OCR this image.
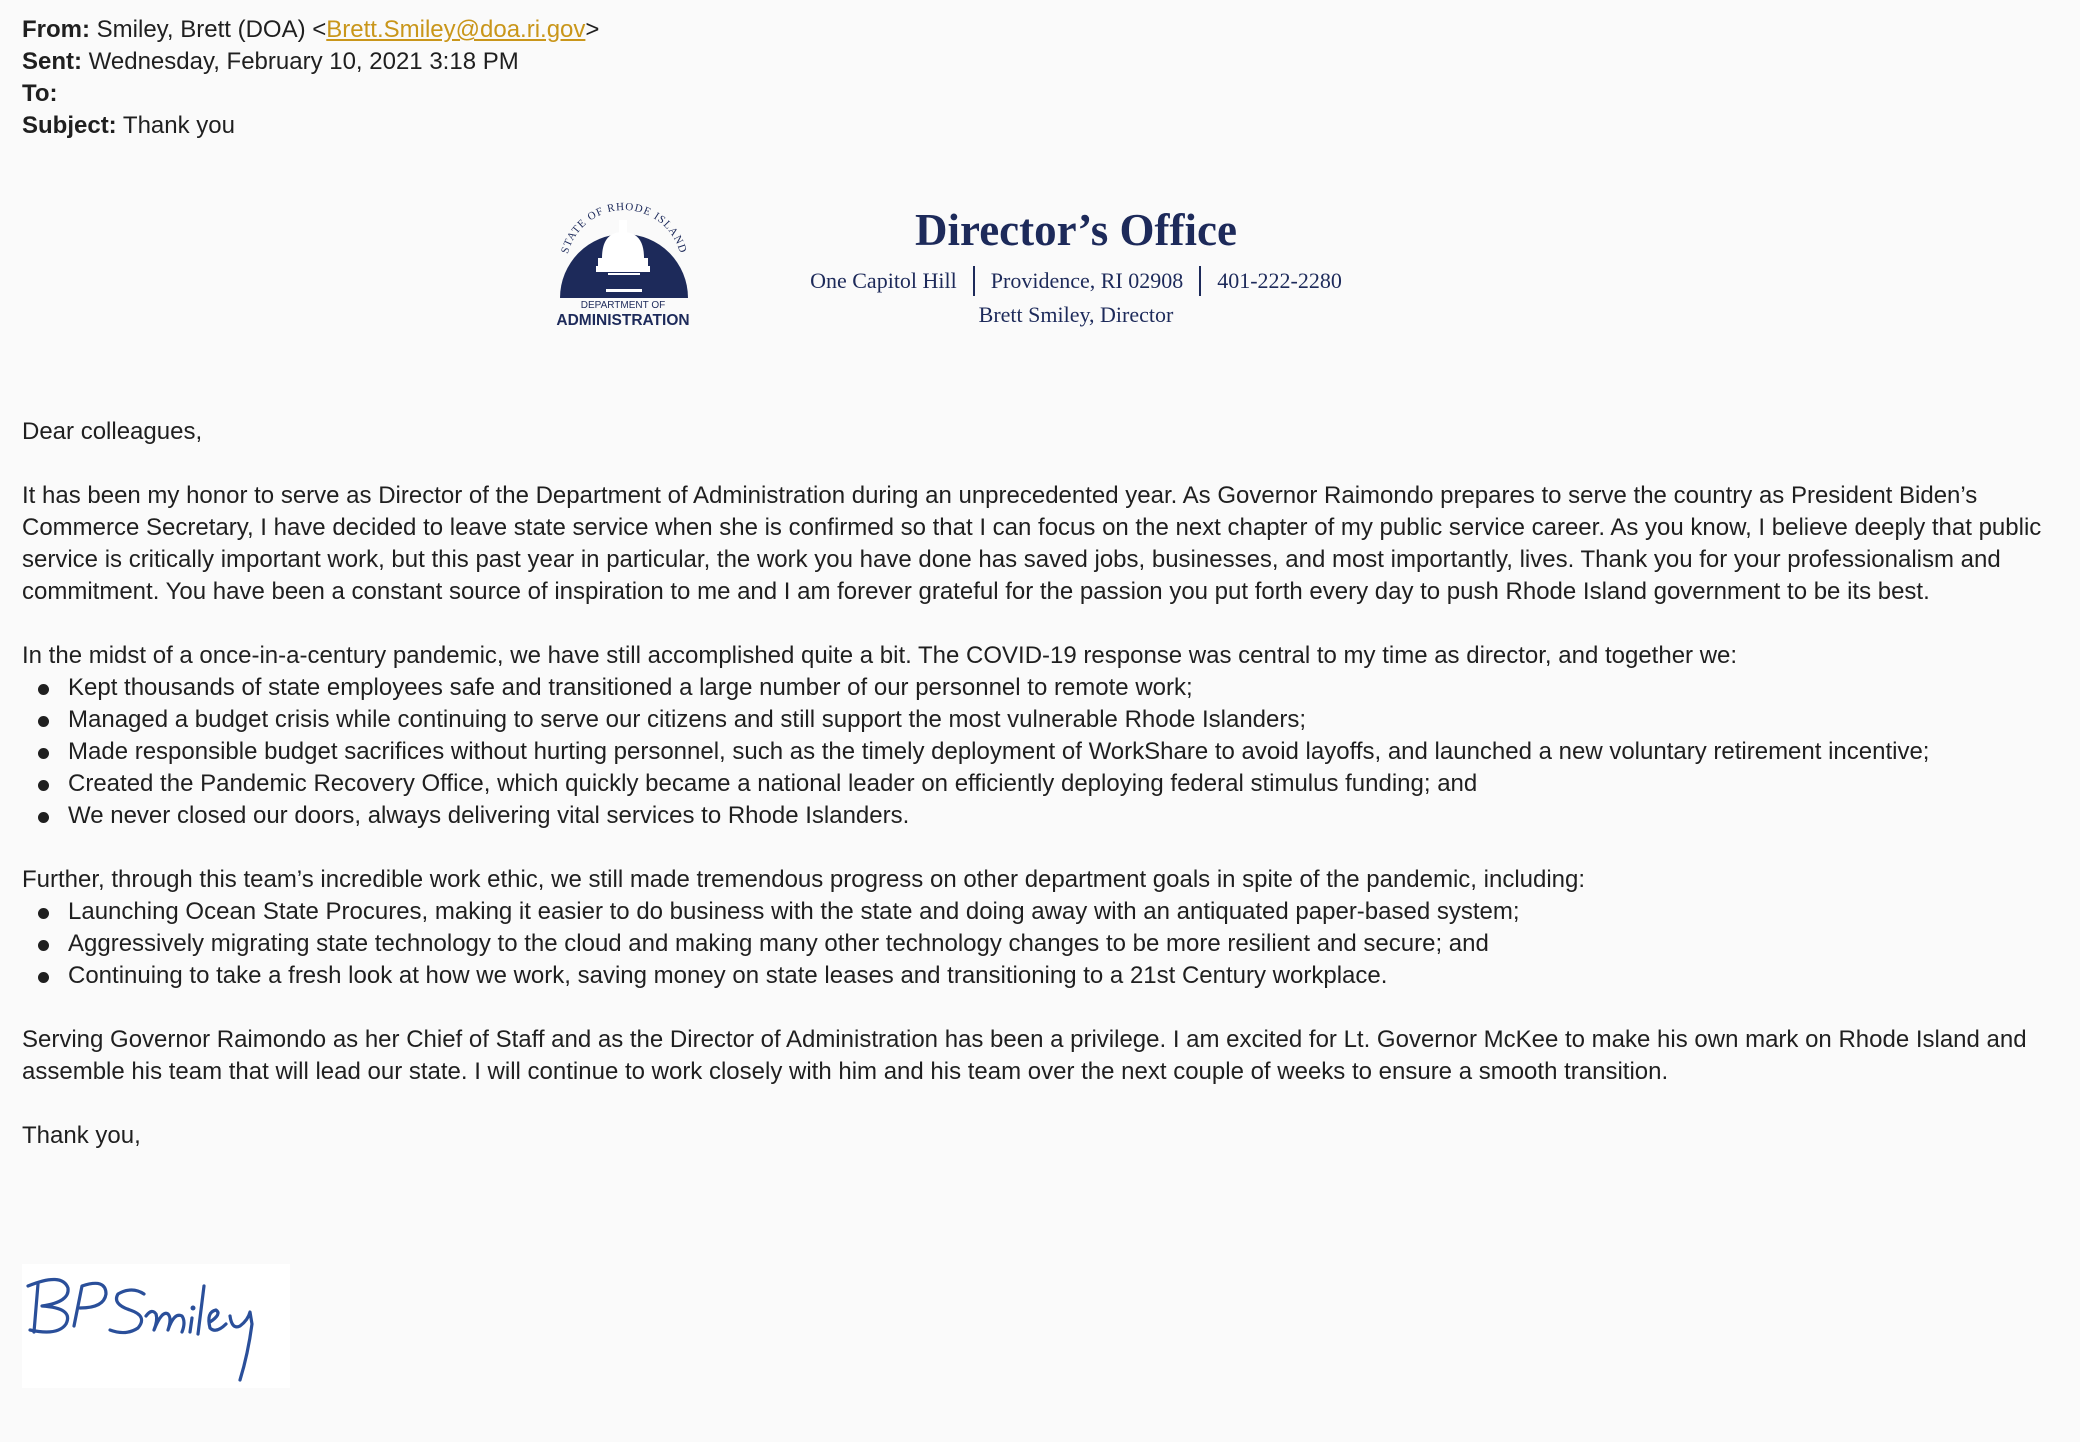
From: Smiley, Brett (DOA) <Brett.Smiley@doa.ri.gov>
Sent: Wednesday, February 10, 2021 3:18 PM
To:
Subject: Thank you
STATE OF RHODE ISLAND
DEPARTMENT OF
ADMINISTRATION
Director’s Office
One Capitol Hill Providence, RI 02908 401-222-2280
Brett Smiley, Director

Dear colleagues,

It has been my honor to serve as Director of the Department of Administration during an unprecedented year. As Governor Raimondo prepares to serve the country as President Biden’s Commerce Secretary, I have decided to leave state service when she is confirmed so that I can focus on the next chapter of my public service career. As you know, I believe deeply that public service is critically important work, but this past year in particular, the work you have done has saved jobs, businesses, and most importantly, lives. Thank you for your professionalism and commitment. You have been a constant source of inspiration to me and I am forever grateful for the passion you put forth every day to push Rhode Island government to be its best.

In the midst of a once-in-a-century pandemic, we have still accomplished quite a bit. The COVID-19 response was central to my time as director, and together we:

Kept thousands of state employees safe and transitioned a large number of our personnel to remote work;
Managed a budget crisis while continuing to serve our citizens and still support the most vulnerable Rhode Islanders;
Made responsible budget sacrifices without hurting personnel, such as the timely deployment of WorkShare to avoid layoffs, and launched a new voluntary retirement incentive;
Created the Pandemic Recovery Office, which quickly became a national leader on efficiently deploying federal stimulus funding; and
We never closed our doors, always delivering vital services to Rhode Islanders.

Further, through this team’s incredible work ethic, we still made tremendous progress on other department goals in spite of the pandemic, including:

Launching Ocean State Procures, making it easier to do business with the state and doing away with an antiquated paper-based system;
Aggressively migrating state technology to the cloud and making many other technology changes to be more resilient and secure; and
Continuing to take a fresh look at how we work, saving money on state leases and transitioning to a 21st Century workplace.

Serving Governor Raimondo as her Chief of Staff and as the Director of Administration has been a privilege. I am excited for Lt. Governor McKee to make his own mark on Rhode Island and assemble his team that will lead our state. I will continue to work closely with him and his team over the next couple of weeks to ensure a smooth transition.

Thank you,
